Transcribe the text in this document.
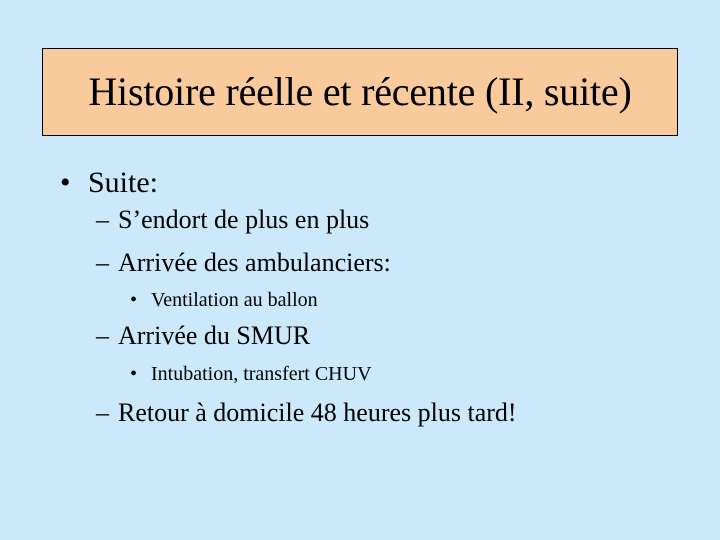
Histoire réelle et récente (II, suite)
• Suite:
– S’endort de plus en plus
– Arrivée des ambulanciers:
• Ventilation au ballon
– Arrivée du SMUR
• Intubation, transfert CHUV
– Retour à domicile 48 heures plus tard!
